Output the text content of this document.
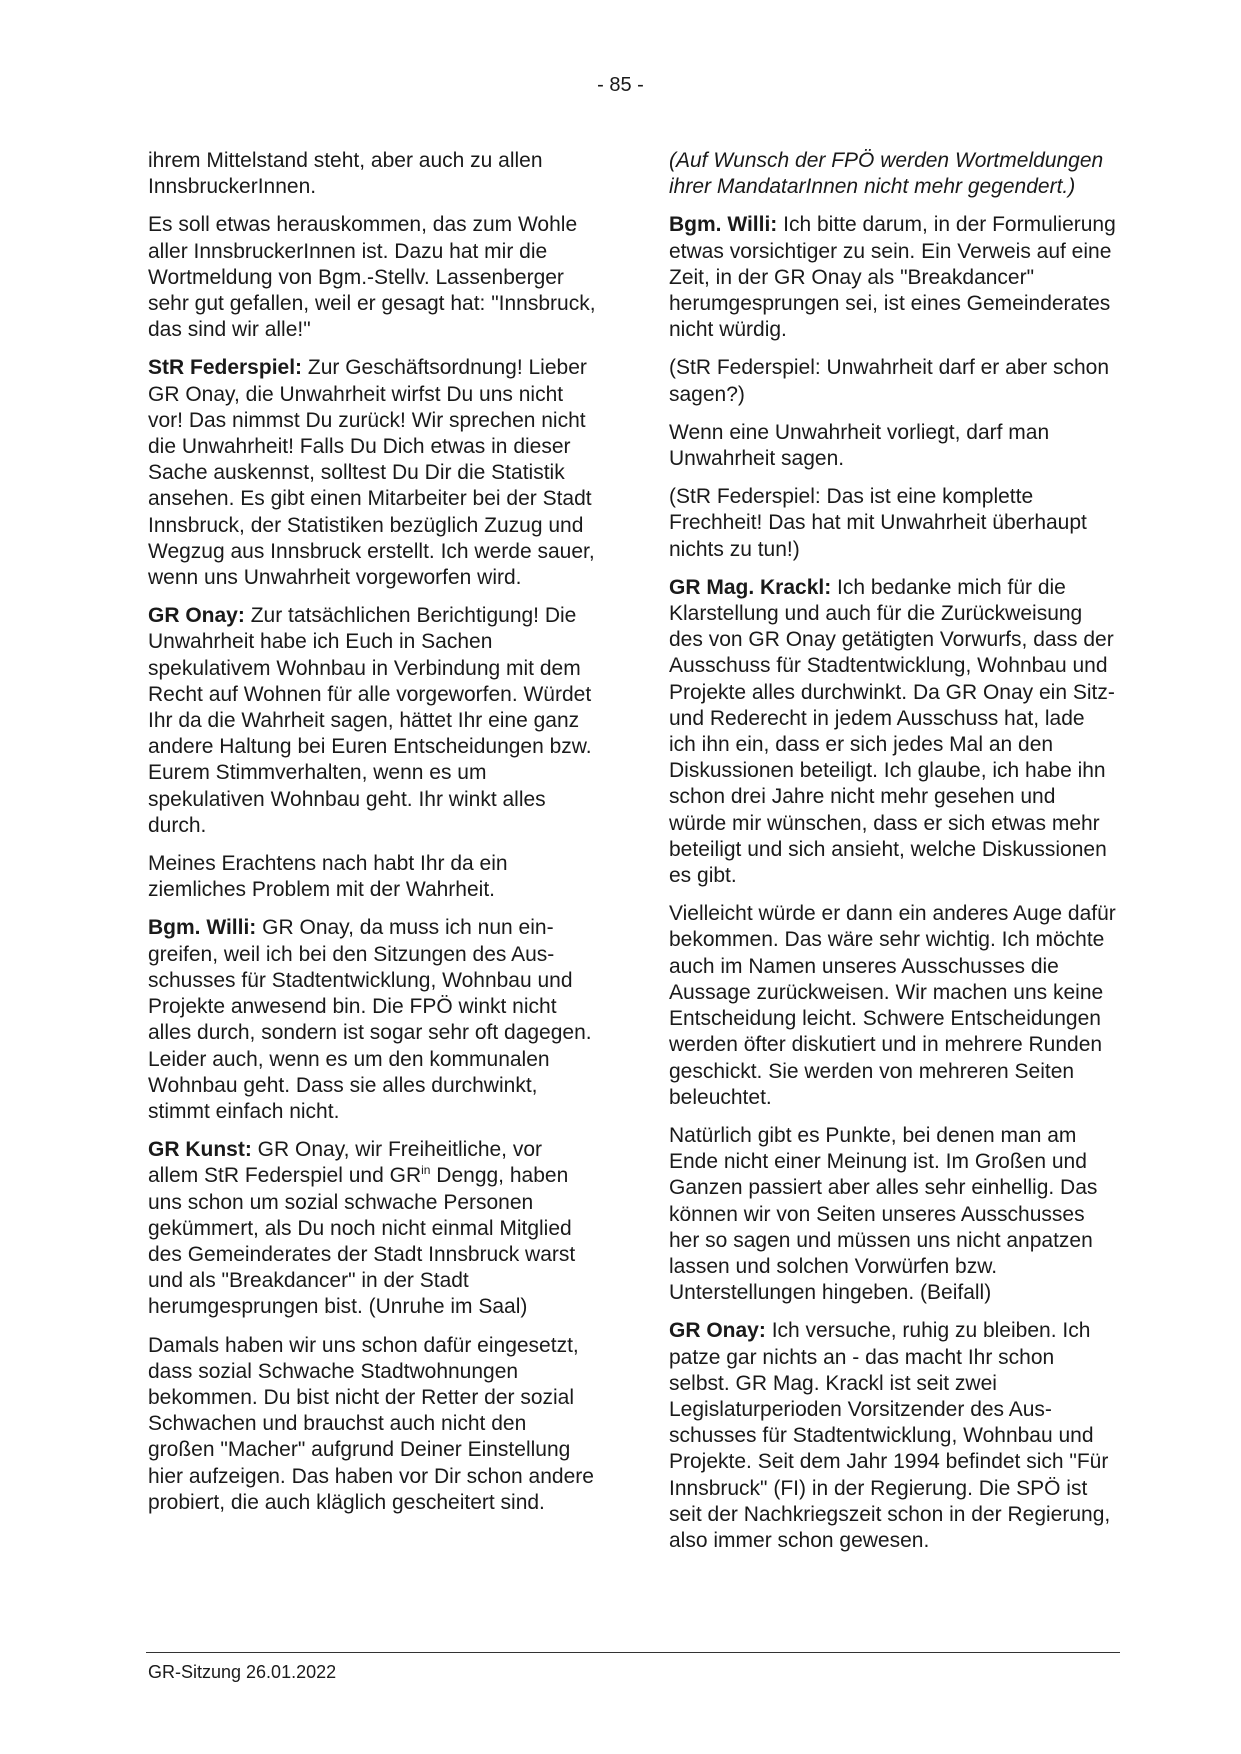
- 85 -

ihrem Mittelstand steht, aber auch zu allen InnsbruckerInnen.

Es soll etwas herauskommen, das zum Wohle aller InnsbruckerInnen ist. Dazu hat mir die Wortmeldung von Bgm.-Stellv. Lassenberger sehr gut gefallen, weil er gesagt hat: "Innsbruck, das sind wir alle!"

StR Federspiel: Zur Geschäftsordnung! Lieber GR Onay, die Unwahrheit wirfst Du uns nicht vor! Das nimmst Du zurück! Wir sprechen nicht die Unwahrheit! Falls Du Dich etwas in dieser Sache auskennst, solltest Du Dir die Statistik ansehen. Es gibt einen Mitarbeiter bei der Stadt Innsbruck, der Statistiken bezüglich Zuzug und Wegzug aus Innsbruck erstellt. Ich werde sauer, wenn uns Unwahrheit vorgeworfen wird.

GR Onay: Zur tatsächlichen Berichtigung! Die Unwahrheit habe ich Euch in Sachen spekulativem Wohnbau in Verbindung mit dem Recht auf Wohnen für alle vorgeworfen. Würdet Ihr da die Wahrheit sagen, hättet Ihr eine ganz andere Haltung bei Euren Entscheidungen bzw. Eurem Stimmverhalten, wenn es um spekulativen Wohnbau geht. Ihr winkt alles durch.

Meines Erachtens nach habt Ihr da ein ziemliches Problem mit der Wahrheit.

Bgm. Willi: GR Onay, da muss ich nun eingreifen, weil ich bei den Sitzungen des Ausschusses für Stadtentwicklung, Wohnbau und Projekte anwesend bin. Die FPÖ winkt nicht alles durch, sondern ist sogar sehr oft dagegen. Leider auch, wenn es um den kommunalen Wohnbau geht. Dass sie alles durchwinkt, stimmt einfach nicht.

GR Kunst: GR Onay, wir Freiheitliche, vor allem StR Federspiel und $GR^{in}$ Dengg, haben uns schon um sozial schwache Personen gekümmert, als Du noch nicht einmal Mitglied des Gemeinderates der Stadt Innsbruck warst und als "Breakdancer" in der Stadt herumgesprungen bist. (Unruhe im Saal)

Damals haben wir uns schon dafür eingesetzt, dass sozial Schwache Stadtwohnungen bekommen. Du bist nicht der Retter der sozial Schwachen und brauchst auch nicht den großen "Macher" aufgrund Deiner Einstellung hier aufzeigen. Das haben vor Dir schon andere probiert, die auch kläglich gescheitert sind.

(Auf Wunsch der FPÖ werden Wortmeldungen ihrer MandatarInnen nicht mehr gegendert.)

Bgm. Willi: Ich bitte darum, in der Formulierung etwas vorsichtiger zu sein. Ein Verweis auf eine Zeit, in der GR Onay als "Breakdancer" herumgesprungen sei, ist eines Gemeinderates nicht würdig.

(StR Federspiel: Unwahrheit darf er aber schon sagen?)

Wenn eine Unwahrheit vorliegt, darf man Unwahrheit sagen.

(StR Federspiel: Das ist eine komplette Frechheit! Das hat mit Unwahrheit überhaupt nichts zu tun!)

GR Mag. Krackl: Ich bedanke mich für die Klarstellung und auch für die Zurückweisung des von GR Onay getätigten Vorwurfs, dass der Ausschuss für Stadtentwicklung, Wohnbau und Projekte alles durchwinkt. Da GR Onay ein Sitz- und Rederecht in jedem Ausschuss hat, lade ich ihn ein, dass er sich jedes Mal an den Diskussionen beteiligt. Ich glaube, ich habe ihn schon drei Jahre nicht mehr gesehen und würde mir wünschen, dass er sich etwas mehr beteiligt und sich ansieht, welche Diskussionen es gibt.

Vielleicht würde er dann ein anderes Auge dafür bekommen. Das wäre sehr wichtig. Ich möchte auch im Namen unseres Ausschusses die Aussage zurückweisen. Wir machen uns keine Entscheidung leicht. Schwere Entscheidungen werden öfter diskutiert und in mehrere Runden geschickt. Sie werden von mehreren Seiten beleuchtet.

Natürlich gibt es Punkte, bei denen man am Ende nicht einer Meinung ist. Im Großen und Ganzen passiert aber alles sehr einhellig. Das können wir von Seiten unseres Ausschusses her so sagen und müssen uns nicht anpatzen lassen und solchen Vorwürfen bzw. Unterstellungen hingeben. (Beifall)

GR Onay: Ich versuche, ruhig zu bleiben. Ich patze gar nichts an - das macht Ihr schon selbst. GR Mag. Krackl ist seit zwei Legislaturperioden Vorsitzender des Ausschusses für Stadtentwicklung, Wohnbau und Projekte. Seit dem Jahr 1994 befindet sich "Für Innsbruck" (FI) in der Regierung. Die SPÖ ist seit der Nachkriegszeit schon in der Regierung, also immer schon gewesen.

GR-Sitzung 26.01.2022
